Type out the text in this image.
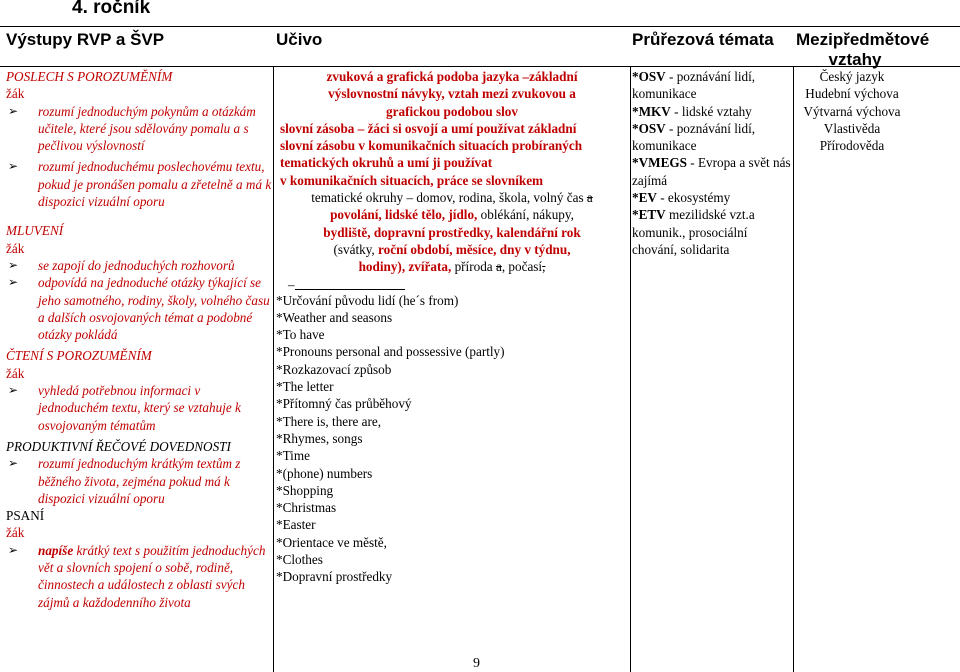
4. ročník
Výstupy RVP a ŠVP	Učivo	Průřezová témata Mezipředmětové vztahy
POSLECH S POROZUMĚNÍM
žák
➢ rozumí jednoduchým pokynům a otázkám učitele, které jsou sdělovány pomalu a s pečlivou výslovností
➢ rozumí jednoduchému poslechovému textu, pokud je pronášen pomalu a zřetelně a má k dispozici vizuální oporu
MLUVENÍ
žák
➢ se zapojí do jednoduchých rozhovorů
➢ odpovídá na jednoduché otázky týkající se jeho samotného, rodiny, školy, volného času a dalších osvojovaných témat a podobné otázky pokládá
ČTENÍ S POROZUMĚNÍM
žák
➢ vyhledá potřebnou informaci v jednoduchém textu, který se vztahuje k osvojovaným tématům
PRODUKTIVNÍ ŘEČOVÉ DOVEDNOSTI
➢ rozumí jednoduchým krátkým textům z běžného života, zejména pokud má k dispozici vizuální oporu
PSANÍ
žák
➢ napíše krátký text s použitím jednoduchých vět a slovních spojení o sobě, rodině, činnostech a událostech z oblasti svých zájmů a každodenního života
zvuková a grafická podoba jazyka –základní
výslovnostní návyky, vztah mezi zvukovou a
grafickou podobou slov
slovní zásoba – žáci si osvojí a umí používat základní
slovní zásobu v komunikačních situacích probíraných
tematických okruhů a umí ji používat
v komunikačních situacích, práce se slovníkem
tematické okruhy – domov, rodina, škola, volný čas a
povolání, lidské tělo, jídlo, oblékání, nákupy,
bydliště, dopravní prostředky, kalendářní rok
(svátky, roční období, měsíce, dny v týdnu,
hodiny), zvířata, příroda a, počasí,
–
*Určování původu lidí (he´s from)
*Weather and seasons
*To have
*Pronouns personal and possessive (partly)
*Rozkazovací způsob
*The letter
*Přítomný čas průběhový
*There is, there are,
*Rhymes, songs
*Time
*(phone) numbers
*Shopping
*Christmas
*Easter
*Orientace ve městě,
*Clothes
*Dopravní prostředky
*OSV - poznávání lidí, komunikace
*MKV - lidské vztahy
*OSV - poznávání lidí, komunikace
*VMEGS - Evropa a svět nás zajímá
*EV - ekosystémy
*ETV mezilidské vzt.a komunik., prosociální chování, solidarita
Český jazyk
Hudební výchova
Výtvarná výchova
Vlastivěda
Přírodověda
9
